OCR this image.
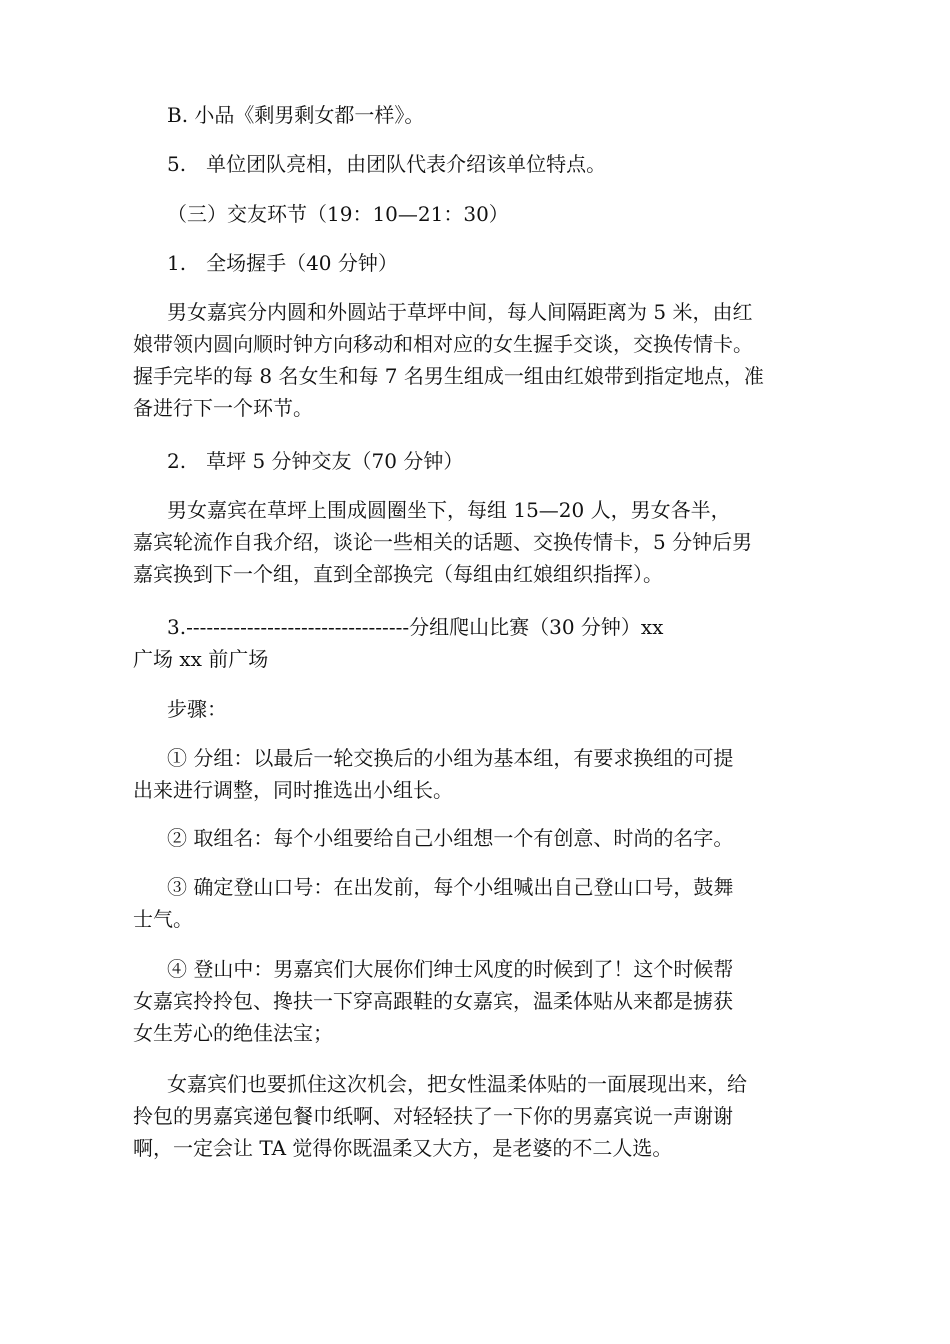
B. 小品《剩男剩女都一样》。

5.　单位团队亮相，由团队代表介绍该单位特点。

（三）交友环节（19：10—21：30）

1.　全场握手（40 分钟）

男女嘉宾分内圆和外圆站于草坪中间，每人间隔距离为 5 米，由红
娘带领内圆向顺时钟方向移动和相对应的女生握手交谈，交换传情卡。
握手完毕的每 8 名女生和每 7 名男生组成一组由红娘带到指定地点，准
备进行下一个环节。

2.　草坪 5 分钟交友（70 分钟）

男女嘉宾在草坪上围成圆圈坐下，每组 15—20 人，男女各半，
嘉宾轮流作自我介绍，谈论一些相关的话题、交换传情卡，5 分钟后男
嘉宾换到下一个组，直到全部换完（每组由红娘组织指挥）。

3.---------------------------------分组爬山比赛（30 分钟）xx
广场 xx 前广场

步骤：

① 分组：以最后一轮交换后的小组为基本组，有要求换组的可提
出来进行调整，同时推选出小组长。

② 取组名：每个小组要给自己小组想一个有创意、时尚的名字。

③ 确定登山口号：在出发前，每个小组喊出自己登山口号，鼓舞
士气。

④ 登山中：男嘉宾们大展你们绅士风度的时候到了！这个时候帮
女嘉宾拎拎包、搀扶一下穿高跟鞋的女嘉宾，温柔体贴从来都是掳获
女生芳心的绝佳法宝；

女嘉宾们也要抓住这次机会，把女性温柔体贴的一面展现出来，给
拎包的男嘉宾递包餐巾纸啊、对轻轻扶了一下你的男嘉宾说一声谢谢
啊，一定会让 TA 觉得你既温柔又大方，是老婆的不二人选。
